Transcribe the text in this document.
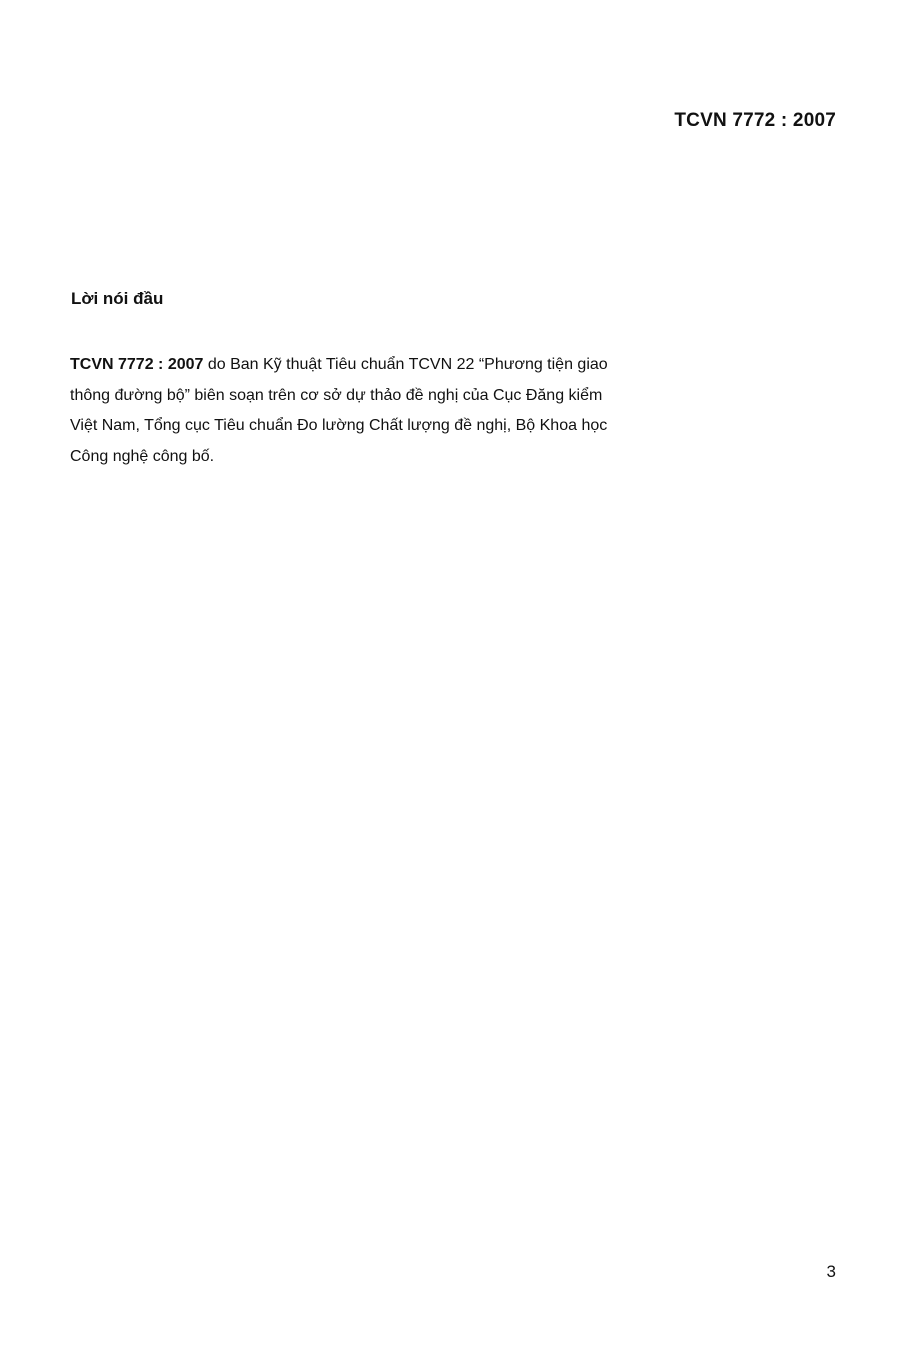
TCVN 7772 : 2007
Lời nói đầu
TCVN 7772 : 2007 do Ban Kỹ thuật Tiêu chuẩn TCVN 22 “Phương tiện giao
thông đường bộ” biên soạn trên cơ sở dự thảo đề nghị của Cục Đăng kiểm
Việt Nam, Tổng cục Tiêu chuẩn Đo lường Chất lượng đề nghị, Bộ Khoa học
Công nghệ công bố.
3
